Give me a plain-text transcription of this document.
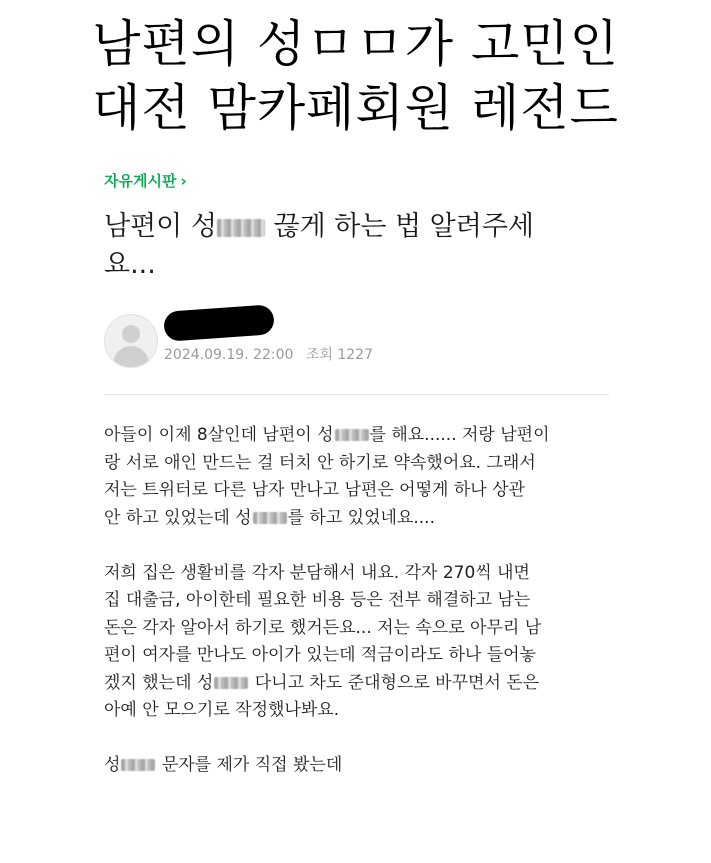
남편의 성ㅁㅁ가 고민인
대전 맘카페회원 레전드
자유게시판 ›
남편이 성 끊게 하는 법 알려주세
요...
2024.09.19. 22:00 조회 1227
아들이 이제 8살인데 남편이 성 를 해요...... 저랑 남편이
랑 서로 애인 만드는 걸 터치 안 하기로 약속했어요. 그래서
저는 트위터로 다른 남자 만나고 남편은 어떻게 하나 상관
안 하고 있었는데 성 를 하고 있었네요....
저희 집은 생활비를 각자 분담해서 내요. 각자 270씩 내면
집 대출금, 아이한테 필요한 비용 등은 전부 해결하고 남는
돈은 각자 알아서 하기로 했거든요... 저는 속으로 아무리 남
편이 여자를 만나도 아이가 있는데 적금이라도 하나 들어놓
겠지 했는데 성 다니고 차도 준대형으로 바꾸면서 돈은
아예 안 모으기로 작정했나봐요.
성 문자를 제가 직접 봤는데
